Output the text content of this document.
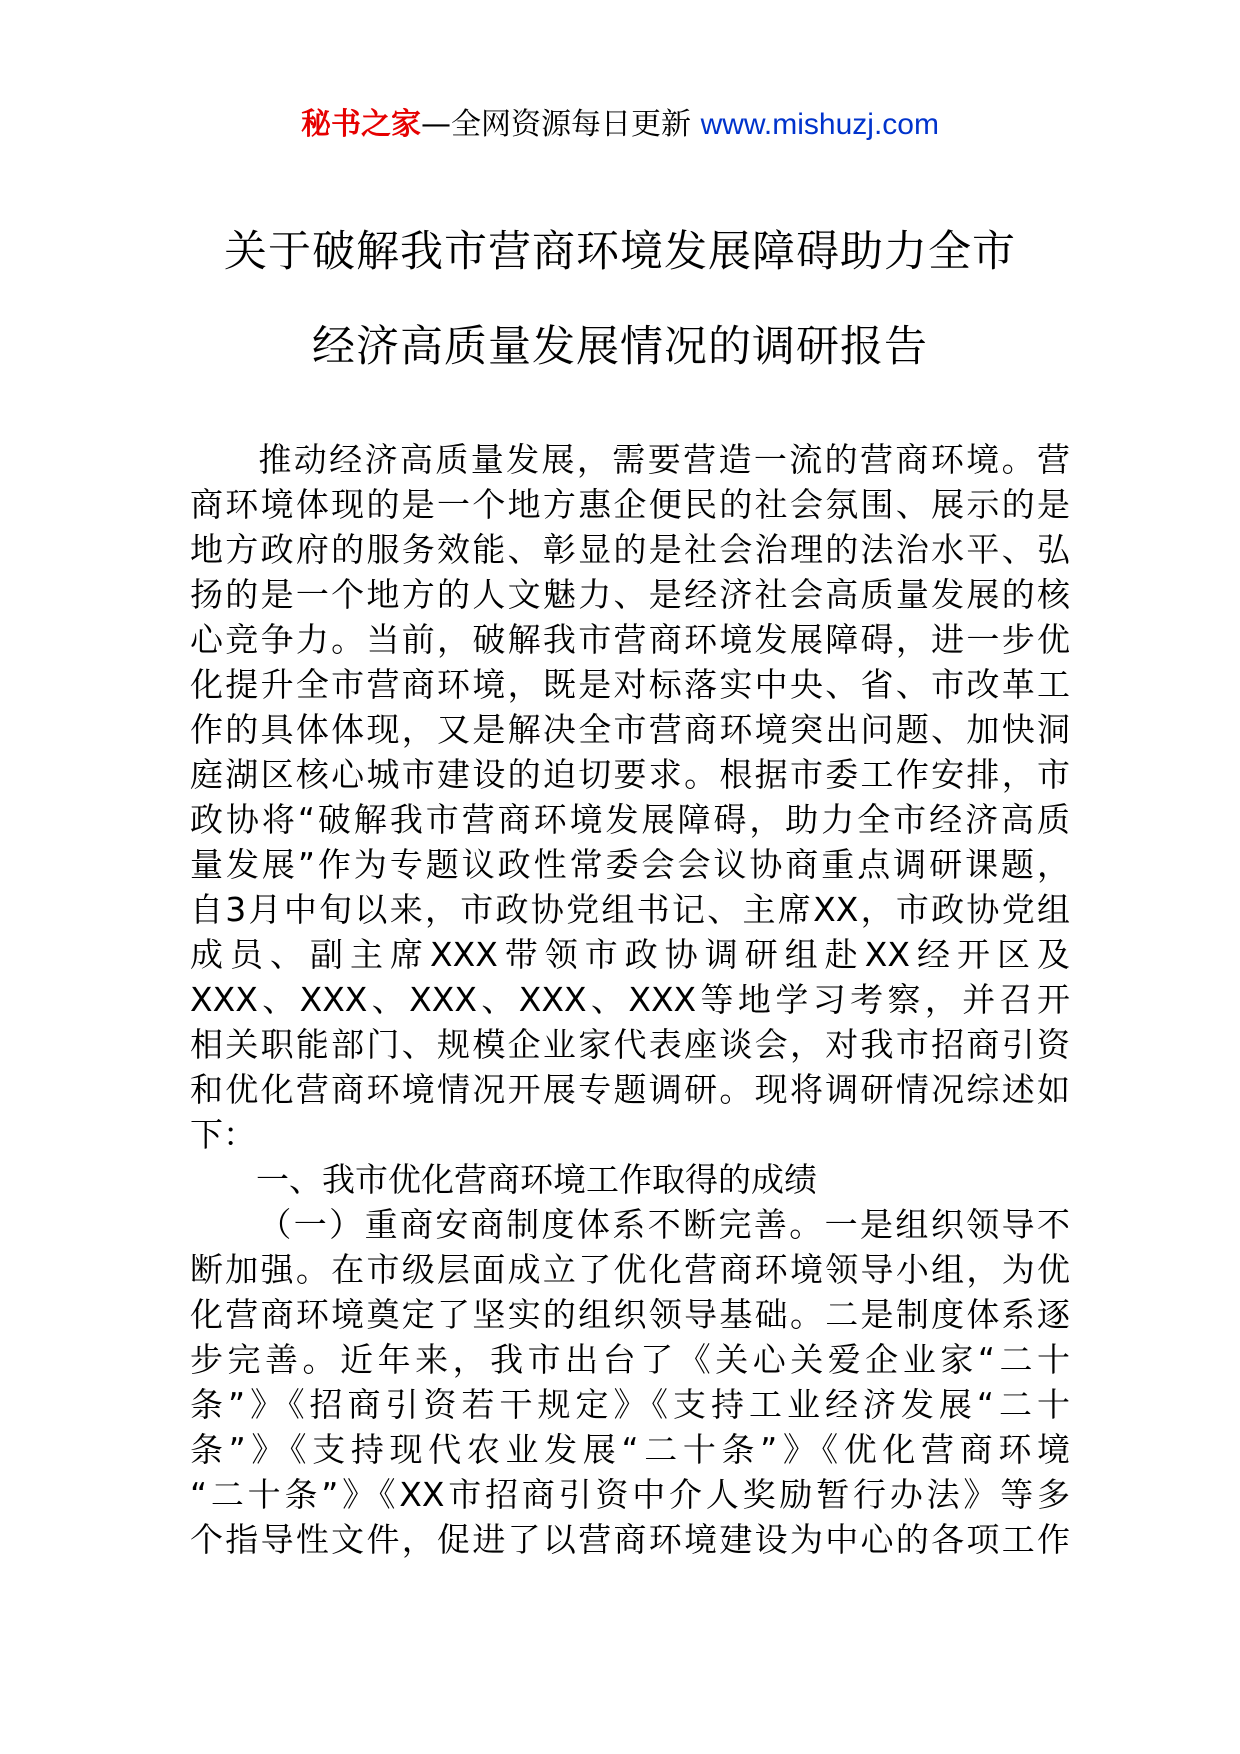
秘书之家—全网资源每日更新 www.mishuzj.com
关于破解我市营商环境发展障碍助力全市
经济高质量发展情况的调研报告
推动经济高质量发展，需要营造一流的营商环境。营
商环境体现的是一个地方惠企便民的社会氛围、展示的是
地方政府的服务效能、彰显的是社会治理的法治水平、弘
扬的是一个地方的人文魅力、是经济社会高质量发展的核
心竞争力。当前，破解我市营商环境发展障碍，进一步优
化提升全市营商环境，既是对标落实中央、省、市改革工
作的具体体现，又是解决全市营商环境突出问题、加快洞
庭湖区核心城市建设的迫切要求。根据市委工作安排，市
政协将“破解我市营商环境发展障碍，助力全市经济高质
量发展”作为专题议政性常委会会议协商重点调研课题，
自3月中旬以来，市政协党组书记、主席XX，市政协党组
成员、副主席XXX带领市政协调研组赴XX经开区及
XXX、XXX、XXX、XXX、XXX等地学习考察，并召开
相关职能部门、规模企业家代表座谈会，对我市招商引资
和优化营商环境情况开展专题调研。现将调研情况综述如
下：
一、我市优化营商环境工作取得的成绩
（一）重商安商制度体系不断完善。一是组织领导不
断加强。在市级层面成立了优化营商环境领导小组，为优
化营商环境奠定了坚实的组织领导基础。二是制度体系逐
步完善。近年来，我市出台了《关心关爱企业家“二十
条”》《招商引资若干规定》《支持工业经济发展“二十
条”》《支持现代农业发展“二十条”》《优化营商环境
“二十条”》《XX市招商引资中介人奖励暂行办法》等多
个指导性文件，促进了以营商环境建设为中心的各项工作
